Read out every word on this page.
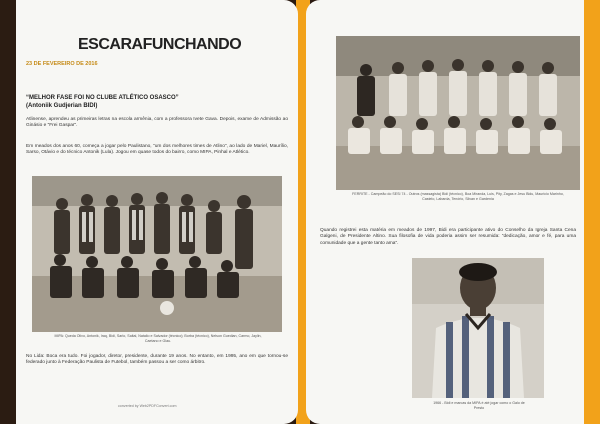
ESCARAFUNCHANDO
23 DE FEVEREIRO DE 2016
“MELHOR FASE FOI NO CLUBE ATLÉTICO OSASCO”
(Antoniik Gudjerian BIDI)
Atlinense, aprendeu as primeiras letras na escola armênia, com a professora Ivete Gava. Depois, exame de Admissão ao Ginásio e “Frei Gaspar”.
Em meados dos anos 60, começa a jogar pelo Paulistano, “um dos melhores times de Atlino”, ao lado de Mariel, Maurílio, Sarso, Otávio e do técnico Antonik (Lula). Jogou em quase todos do bairro, como MIPA, Pinhal e Atlético.
MIPA: Queda Olivo, Antonik, Iraq, Bidi, Sarlo, Saltal, Natalio e Salvador (técnico); Borba (técnico), Nelson Guedian, Carmo, Jaylin,
Caetano e Glau.
No Lida: Boca era tudo. Foi jogador, diretor, presidente, durante 19 anos. No entanto, em 1995, ano em que tornou-se federado junto à Federação Paulista de Futebol, também passou a ser como árbitro.
converted by Web2PDFConvert.com
FERRITE - Campeão do SESI 74 - Outros (massagista) Bidi (técnico), Boa Miranda, Luis, Pity, Zagas e Jesu Bidu, Mauricio Marinho,
Castelo, Labarda, Tenório, Silvan e Gardenia
Quando registrei esta matéria em meados de 1997, Bidi era participante ativo do Conselho da Igreja Santa Cena Galgeni, de Presidente Altino. Sua filosofia de vida poderia assim ser resumida: “dedicação, amor e fé, para uma comunidade que a gente tanto ama”.
1966 - Bidi e marcas da MIPA é até jogar como o Galo de
Presto
